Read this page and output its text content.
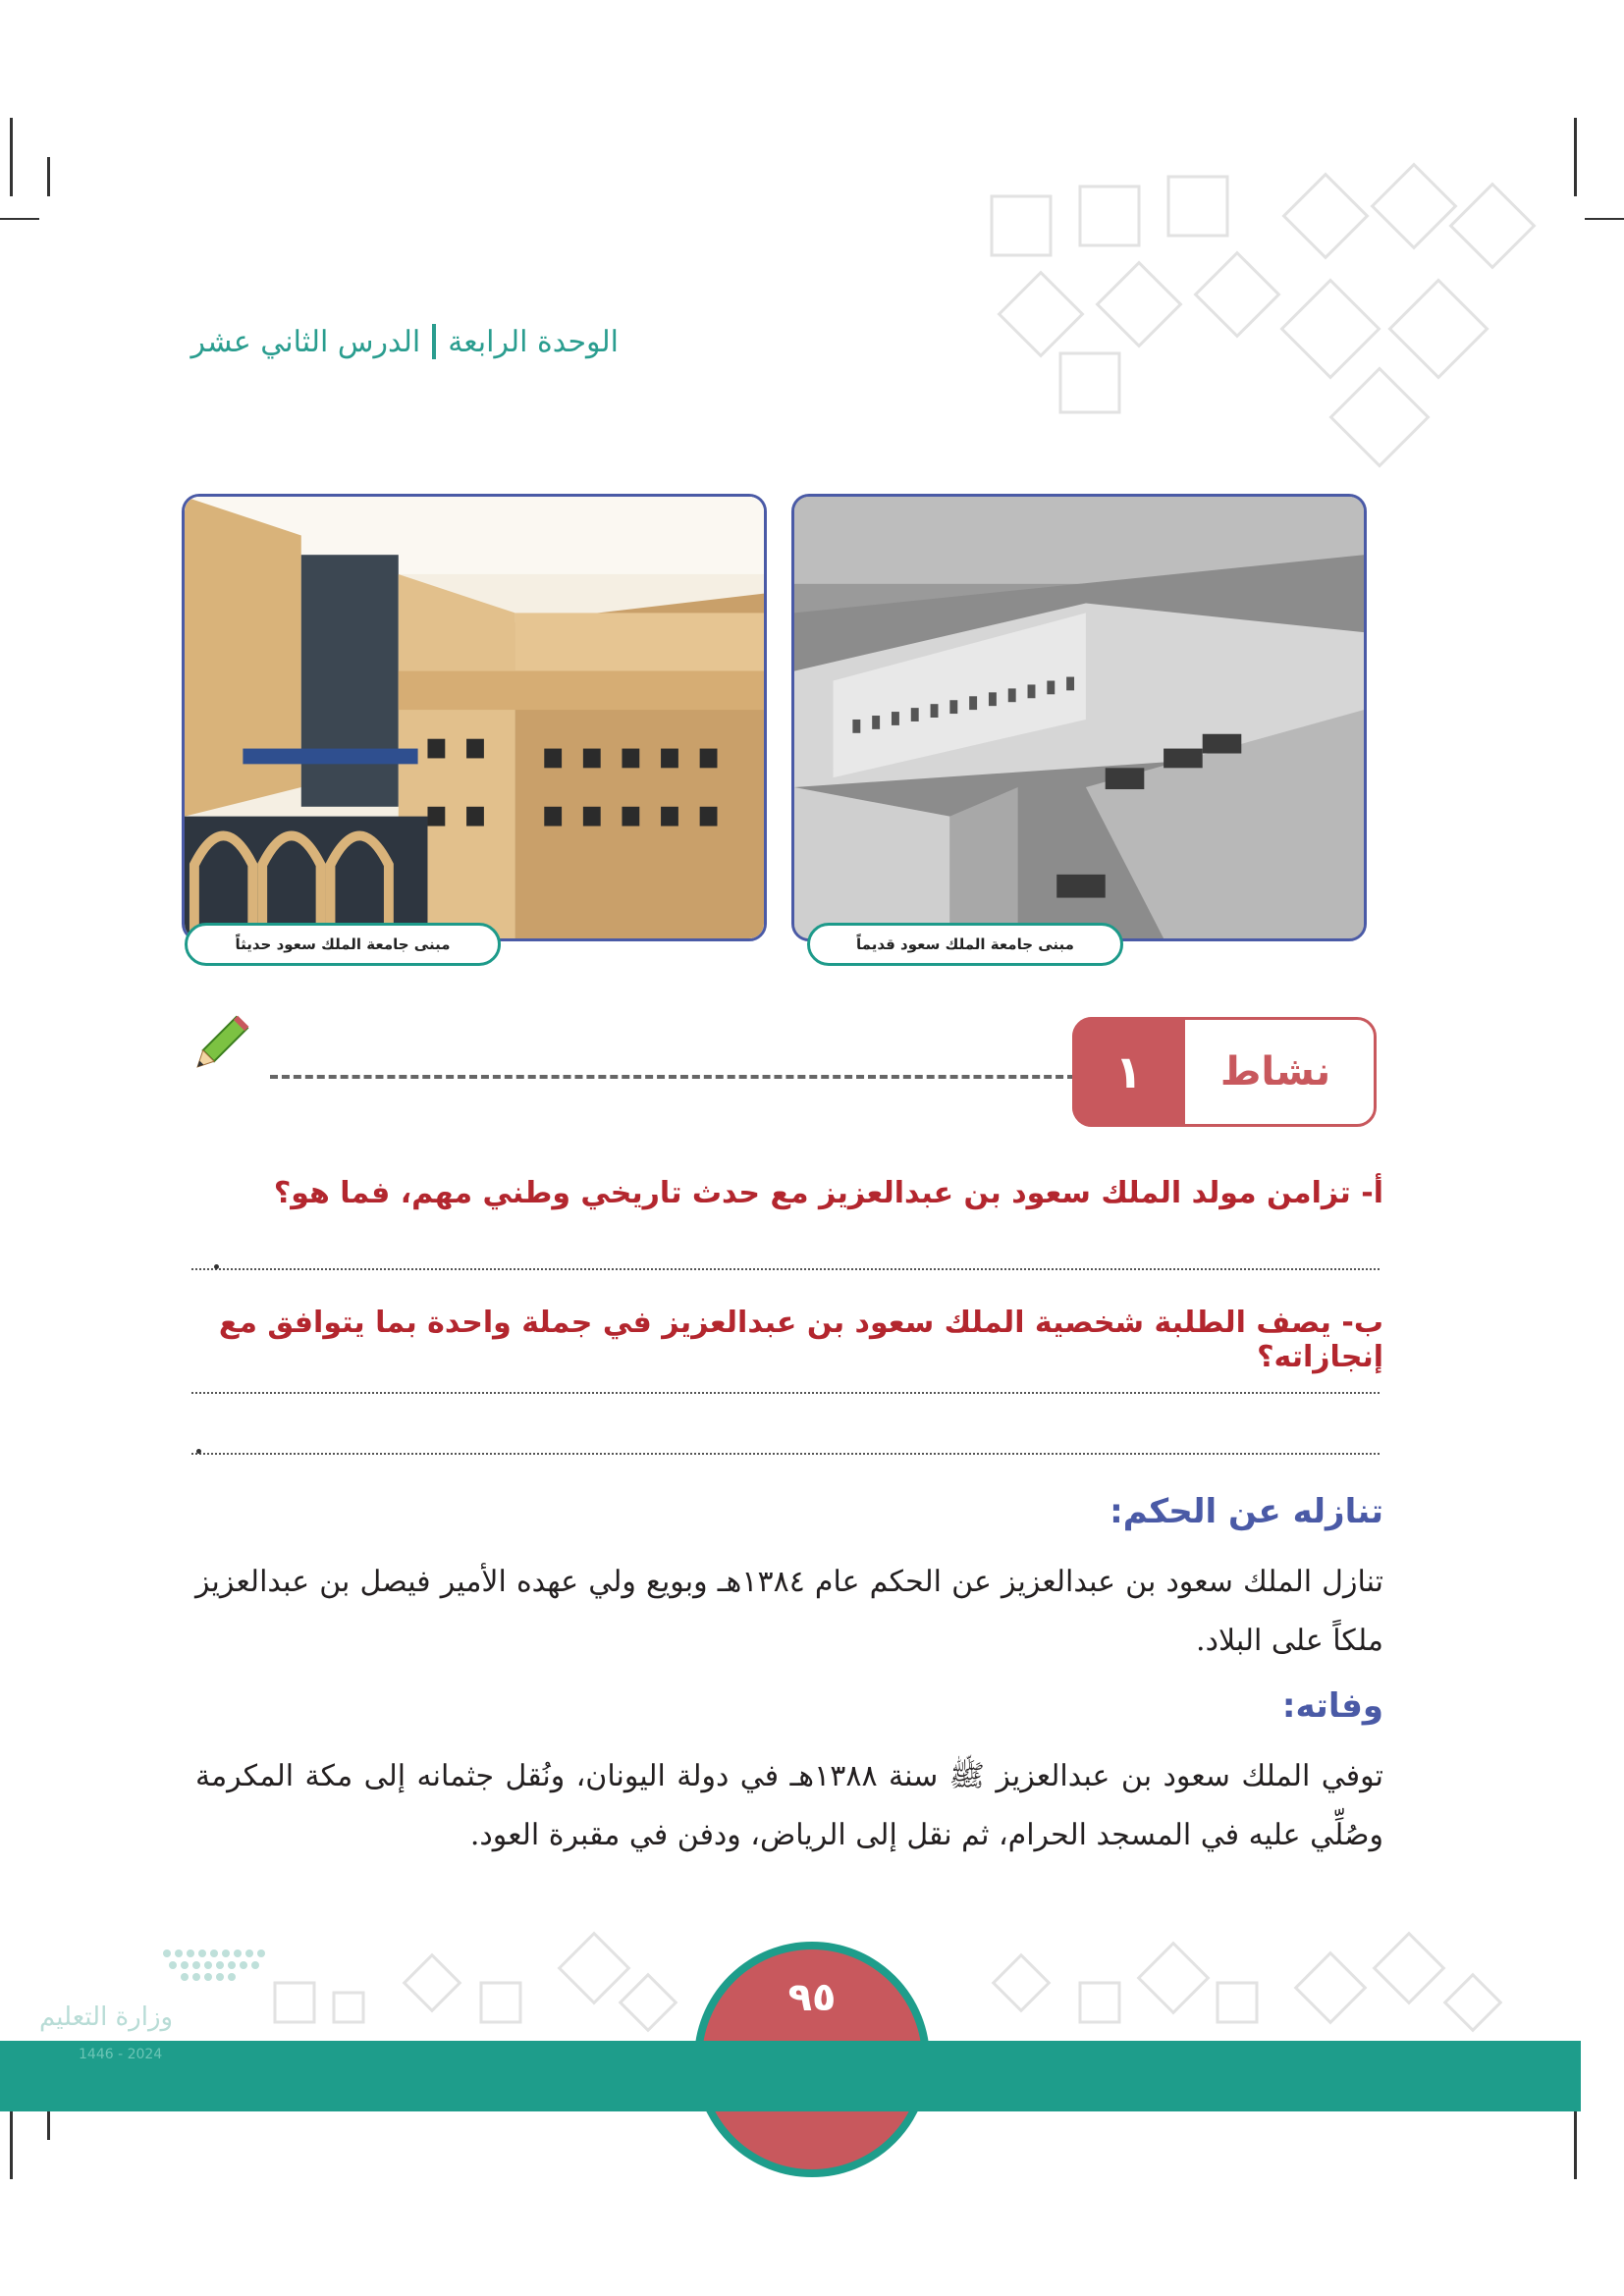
الوحدة الرابعة
الدرس الثاني عشر
مبنى جامعة الملك سعود قديماً
مبنى جامعة الملك سعود حديثاً
نشاط
١
أ- تزامن مولد الملك سعود بن عبدالعزيز مع حدث تاريخي وطني مهم، فما هو؟
ب- يصف الطلبة شخصية الملك سعود بن عبدالعزيز في جملة واحدة بما يتوافق مع إنجازاته؟
تنازله عن الحكم:
تنازل الملك سعود بن عبدالعزيز عن الحكم عام ١٣٨٤هـ وبويع ولي عهده الأمير فيصل بن عبدالعزيز ملكاً على البلاد.
وفاته:
توفي الملك سعود بن عبدالعزيز ﷺ سنة ١٣٨٨هـ في دولة اليونان، ونُقل جثمانه إلى مكة المكرمة وصُلِّي عليه في المسجد الحرام، ثم نقل إلى الرياض، ودفن في مقبرة العود.
وزارة التعليم
2024 - 1446
٩٥
